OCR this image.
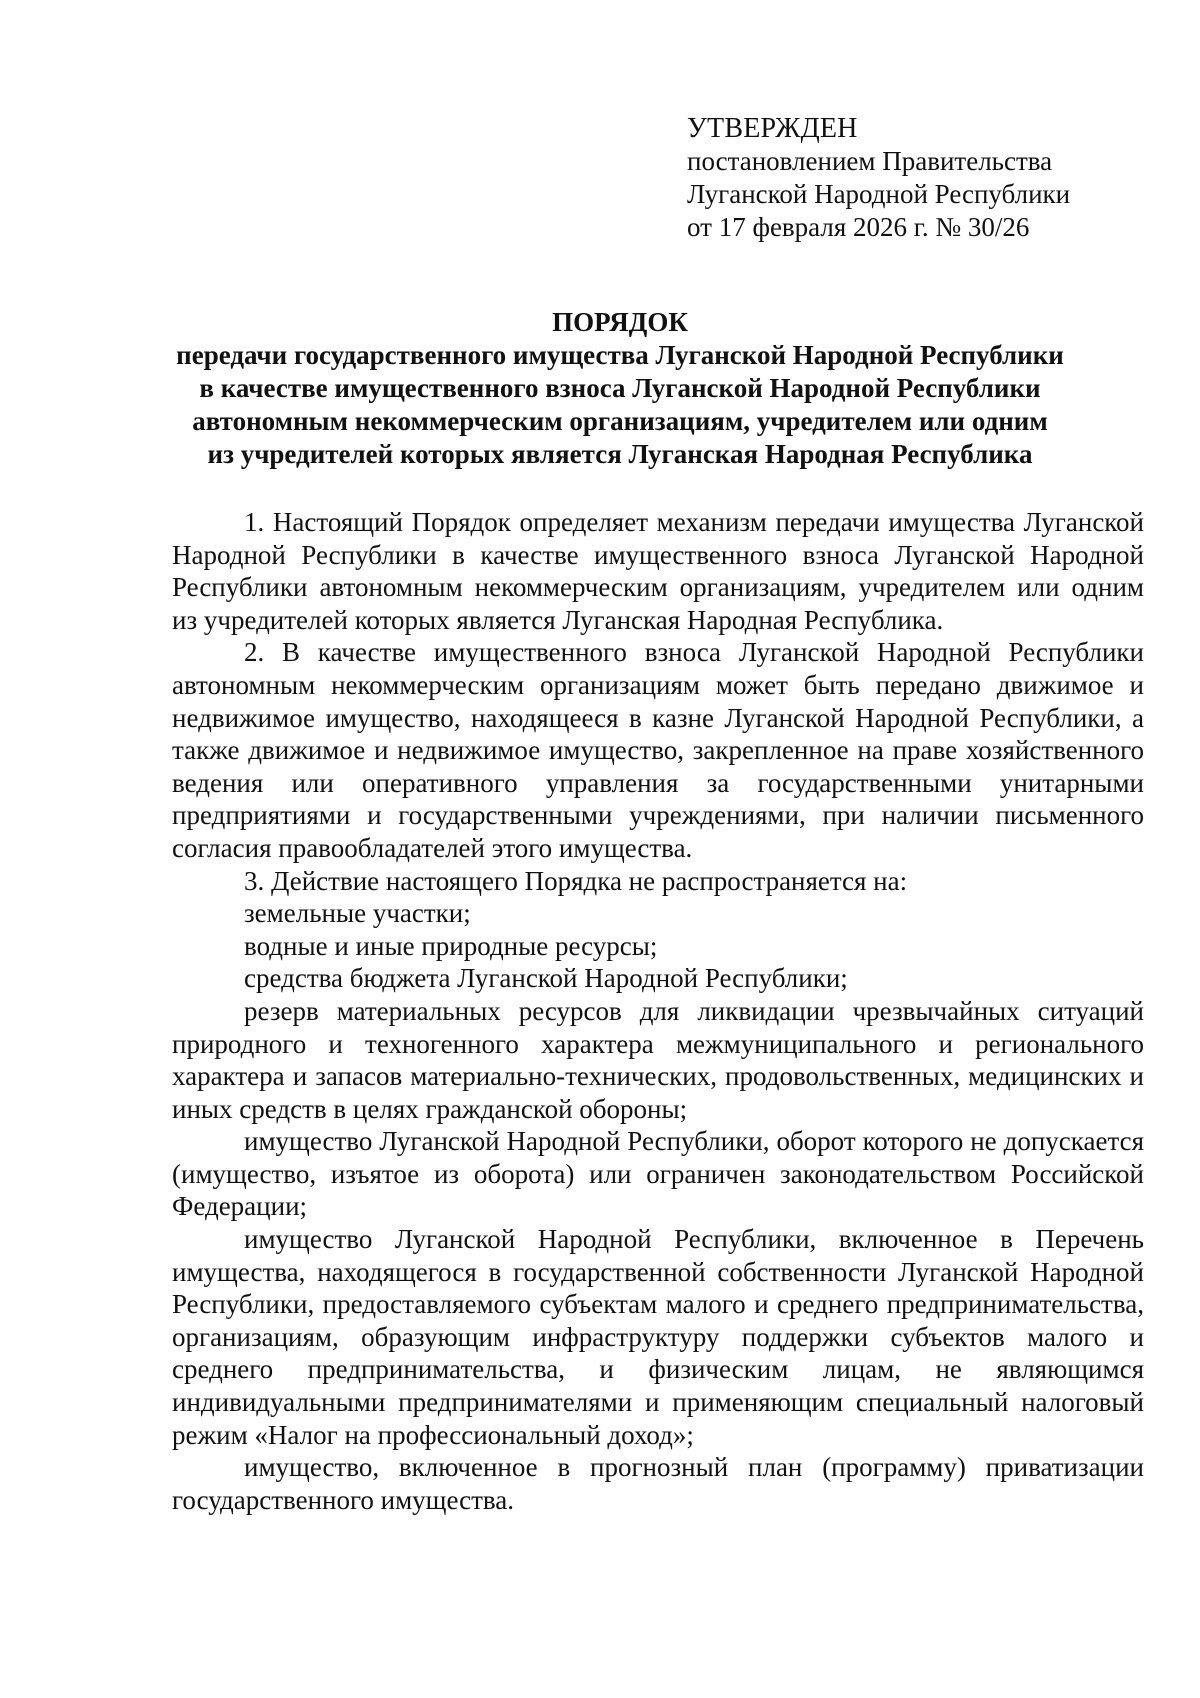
УТВЕРЖДЕН
постановлением Правительства
Луганской Народной Республики
от 17 февраля 2026 г. № 30/26
ПОРЯДОК
передачи государственного имущества Луганской Народной Республики
в качестве имущественного взноса Луганской Народной Республики
автономным некоммерческим организациям, учредителем или одним
из учредителей которых является Луганская Народная Республика

1. Настоящий Порядок определяет механизм передачи имущества Луганской Народной Республики в качестве имущественного взноса Луганской Народной Республики автономным некоммерческим организациям, учредителем или одним из учредителей которых является Луганская Народная Республика.

2. В качестве имущественного взноса Луганской Народной Республики автономным некоммерческим организациям может быть передано движимое и недвижимое имущество, находящееся в казне Луганской Народной Республики, а также движимое и недвижимое имущество, закрепленное на праве хозяйственного ведения или оперативного управления за государственными унитарными предприятиями и государственными учреждениями, при наличии письменного согласия правообладателей этого имущества.

3. Действие настоящего Порядка не распространяется на:

земельные участки;

водные и иные природные ресурсы;

средства бюджета Луганской Народной Республики;

резерв материальных ресурсов для ликвидации чрезвычайных ситуаций природного и техногенного характера межмуниципального и регионального характера и запасов материально-технических, продовольственных, медицинских и иных средств в целях гражданской обороны;

имущество Луганской Народной Республики, оборот которого не допускается (имущество, изъятое из оборота) или ограничен законодательством Российской Федерации;

имущество Луганской Народной Республики, включенное в Перечень имущества, находящегося в государственной собственности Луганской Народной Республики, предоставляемого субъектам малого и среднего предпринимательства, организациям, образующим инфраструктуру поддержки субъектов малого и среднего предпринимательства, и физическим лицам, не являющимся индивидуальными предпринимателями и применяющим специальный налоговый режим «Налог на профессиональный доход»;

имущество, включенное в прогнозный план (программу) приватизации государственного имущества.
